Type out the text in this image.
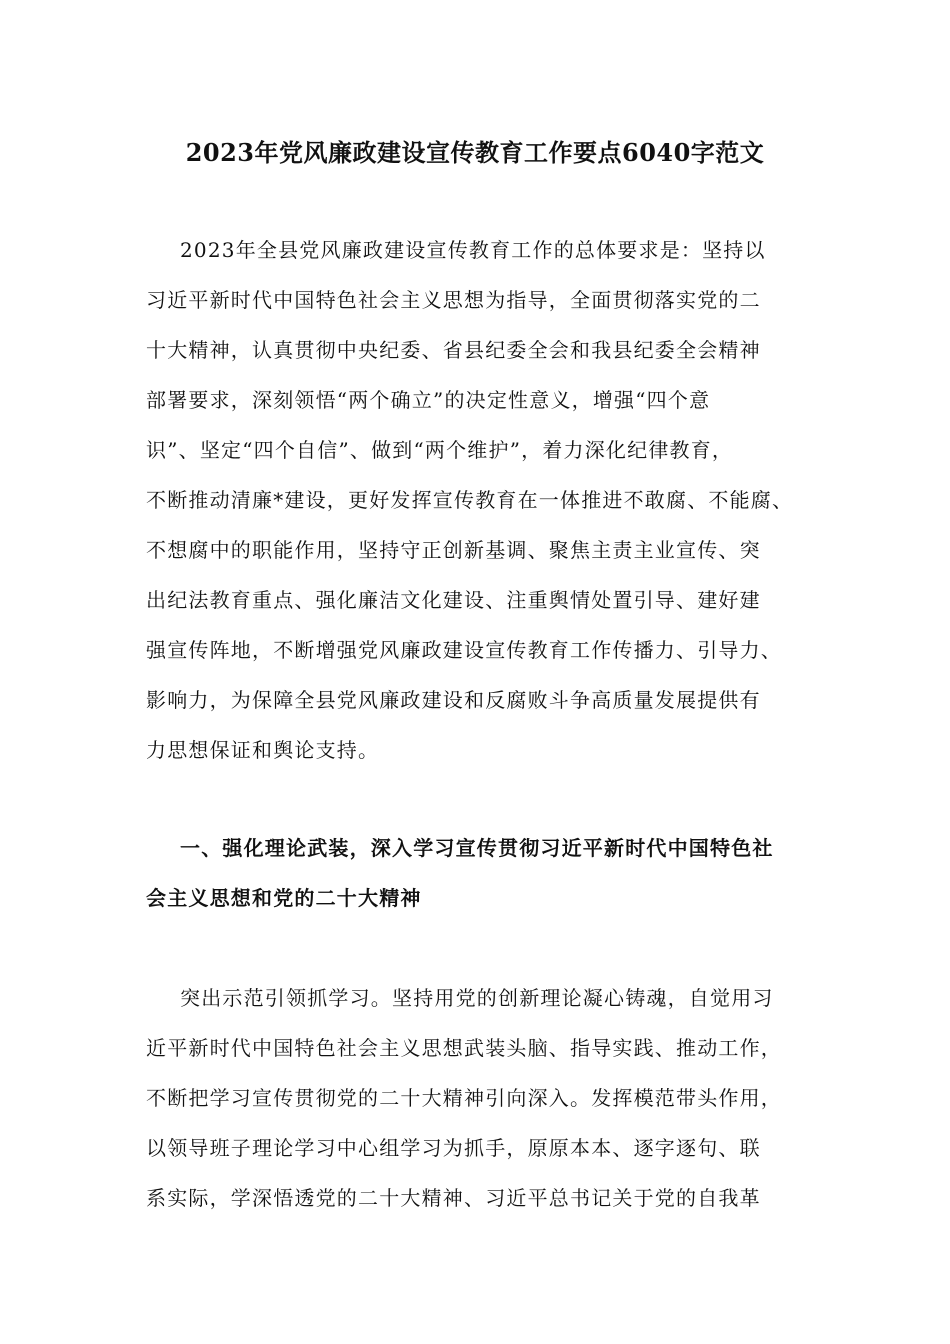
2023年党风廉政建设宣传教育工作要点6040字范文
2023年全县党风廉政建设宣传教育工作的总体要求是：坚持以
习近平新时代中国特色社会主义思想为指导，全面贯彻落实党的二
十大精神，认真贯彻中央纪委、省县纪委全会和我县纪委全会精神
部署要求，深刻领悟“两个确立”的决定性意义，增强“四个意
识”、坚定“四个自信”、做到“两个维护”，着力深化纪律教育，
不断推动清廉*建设，更好发挥宣传教育在一体推进不敢腐、不能腐、
不想腐中的职能作用，坚持守正创新基调、聚焦主责主业宣传、突
出纪法教育重点、强化廉洁文化建设、注重舆情处置引导、建好建
强宣传阵地，不断增强党风廉政建设宣传教育工作传播力、引导力、
影响力，为保障全县党风廉政建设和反腐败斗争高质量发展提供有
力思想保证和舆论支持。
一、强化理论武装，深入学习宣传贯彻习近平新时代中国特色社
会主义思想和党的二十大精神
突出示范引领抓学习。坚持用党的创新理论凝心铸魂，自觉用习
近平新时代中国特色社会主义思想武装头脑、指导实践、推动工作，
不断把学习宣传贯彻党的二十大精神引向深入。发挥模范带头作用，
以领导班子理论学习中心组学习为抓手，原原本本、逐字逐句、联
系实际，学深悟透党的二十大精神、习近平总书记关于党的自我革
